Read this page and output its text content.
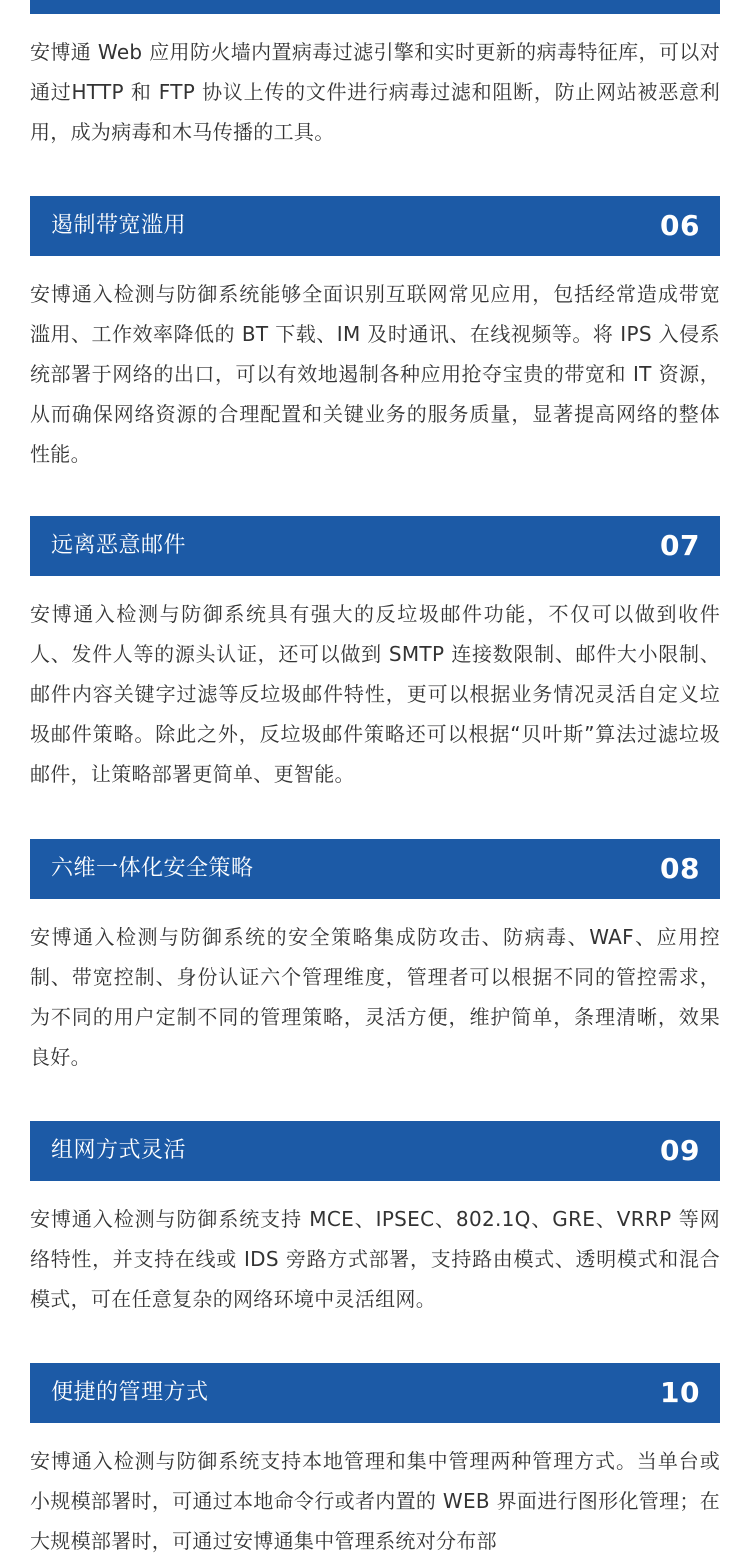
安博通 Web 应用防火墙内置病毒过滤引擎和实时更新的病毒特征库，可以对通过HTTP 和 FTP 协议上传的文件进行病毒过滤和阻断，防止网站被恶意利用，成为病毒和木马传播的工具。

遏制带宽滥用	06

安博通入检测与防御系统能够全面识别互联网常见应用，包括经常造成带宽滥用、工作效率降低的 BT 下载、IM 及时通讯、在线视频等。将 IPS 入侵系统部署于网络的出口，可以有效地遏制各种应用抢夺宝贵的带宽和 IT 资源，从而确保网络资源的合理配置和关键业务的服务质量，显著提高网络的整体性能。

远离恶意邮件	07

安博通入检测与防御系统具有强大的反垃圾邮件功能，不仅可以做到收件人、发件人等的源头认证，还可以做到 SMTP 连接数限制、邮件大小限制、邮件内容关键字过滤等反垃圾邮件特性，更可以根据业务情况灵活自定义垃圾邮件策略。除此之外，反垃圾邮件策略还可以根据“贝叶斯”算法过滤垃圾邮件，让策略部署更简单、更智能。

六维一体化安全策略	08

安博通入检测与防御系统的安全策略集成防攻击、防病毒、WAF、应用控制、带宽控制、身份认证六个管理维度，管理者可以根据不同的管控需求，为不同的用户定制不同的管理策略，灵活方便，维护简单，条理清晰，效果良好。

组网方式灵活	09

安博通入检测与防御系统支持 MCE、IPSEC、802.1Q、GRE、VRRP 等网络特性，并支持在线或 IDS 旁路方式部署，支持路由模式、透明模式和混合模式，可在任意复杂的网络环境中灵活组网。

便捷的管理方式	10

安博通入检测与防御系统支持本地管理和集中管理两种管理方式。当单台或小规模部署时，可通过本地命令行或者内置的 WEB 界面进行图形化管理；在大规模部署时，可通过安博通集中管理系统对分布部
